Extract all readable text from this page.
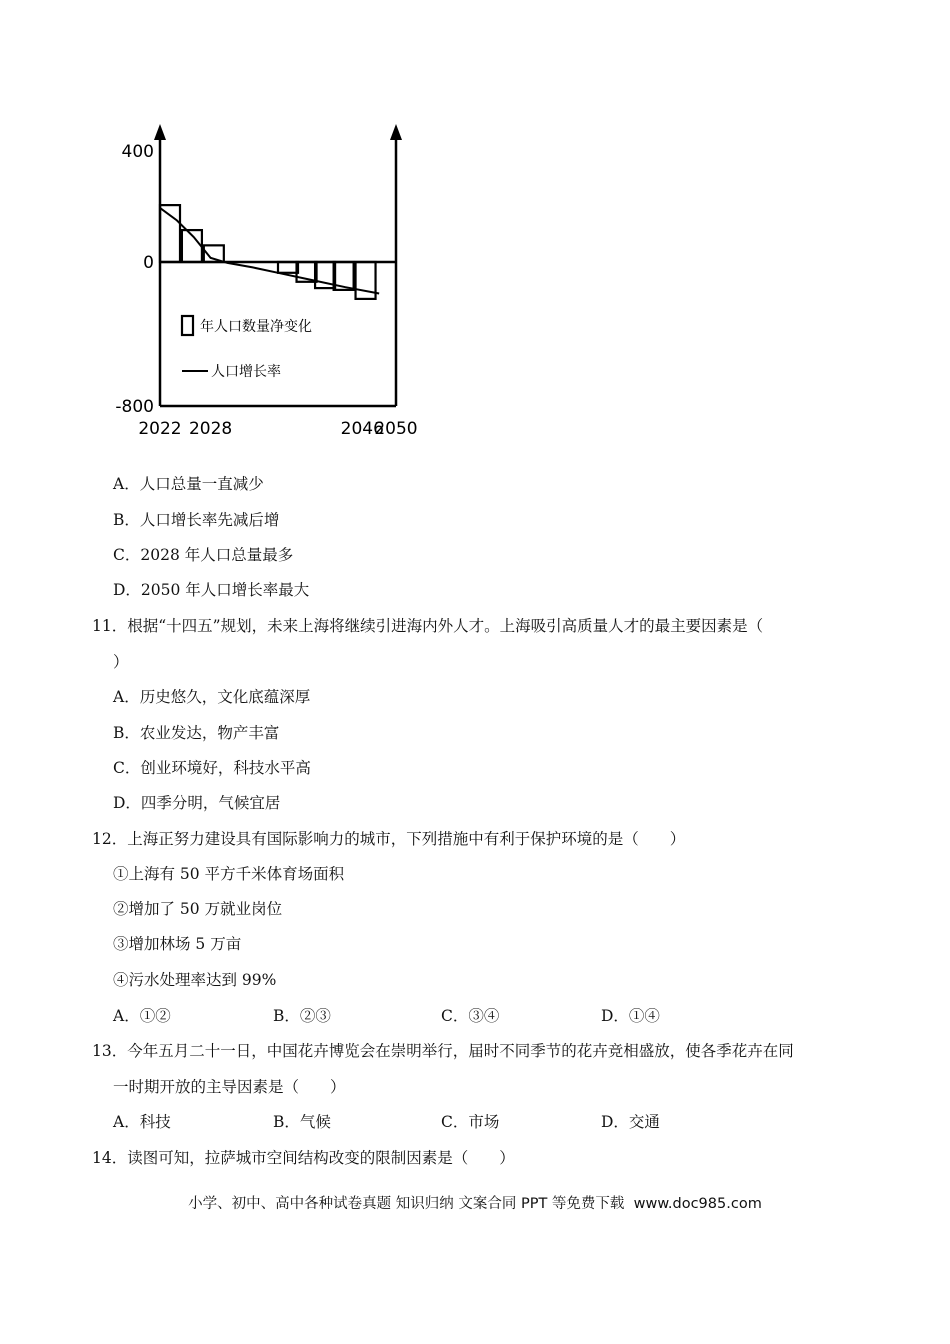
400
0
-800
2022 2028	2046
2050
年人口数量净变化
人口增长率
A．人口总量一直减少
B．人口增长率先减后增
C．2028 年人口总量最多
D．2050 年人口增长率最大
11．根据“十四五”规划，未来上海将继续引进海内外人才。上海吸引高质量人才的最主要因素是（
）
A．历史悠久，文化底蕴深厚
B．农业发达，物产丰富
C．创业环境好，科技水平高
D．四季分明，气候宜居
12．上海正努力建设具有国际影响力的城市，下列措施中有利于保护环境的是（　　）
①上海有 50 平方千米体育场面积
②增加了 50 万就业岗位
③增加林场 5 万亩
④污水处理率达到 99%
A．①②	B．②③	C．③④	D．①④
13．今年五月二十一日，中国花卉博览会在崇明举行，届时不同季节的花卉竞相盛放，使各季花卉在同
一时期开放的主导因素是（　　）
A．科技	B．气候	C．市场	D．交通
14．读图可知，拉萨城市空间结构改变的限制因素是（　　）
小学、初中、高中各种试卷真题 知识归纳 文案合同 PPT 等免费下载 www.doc985.com
